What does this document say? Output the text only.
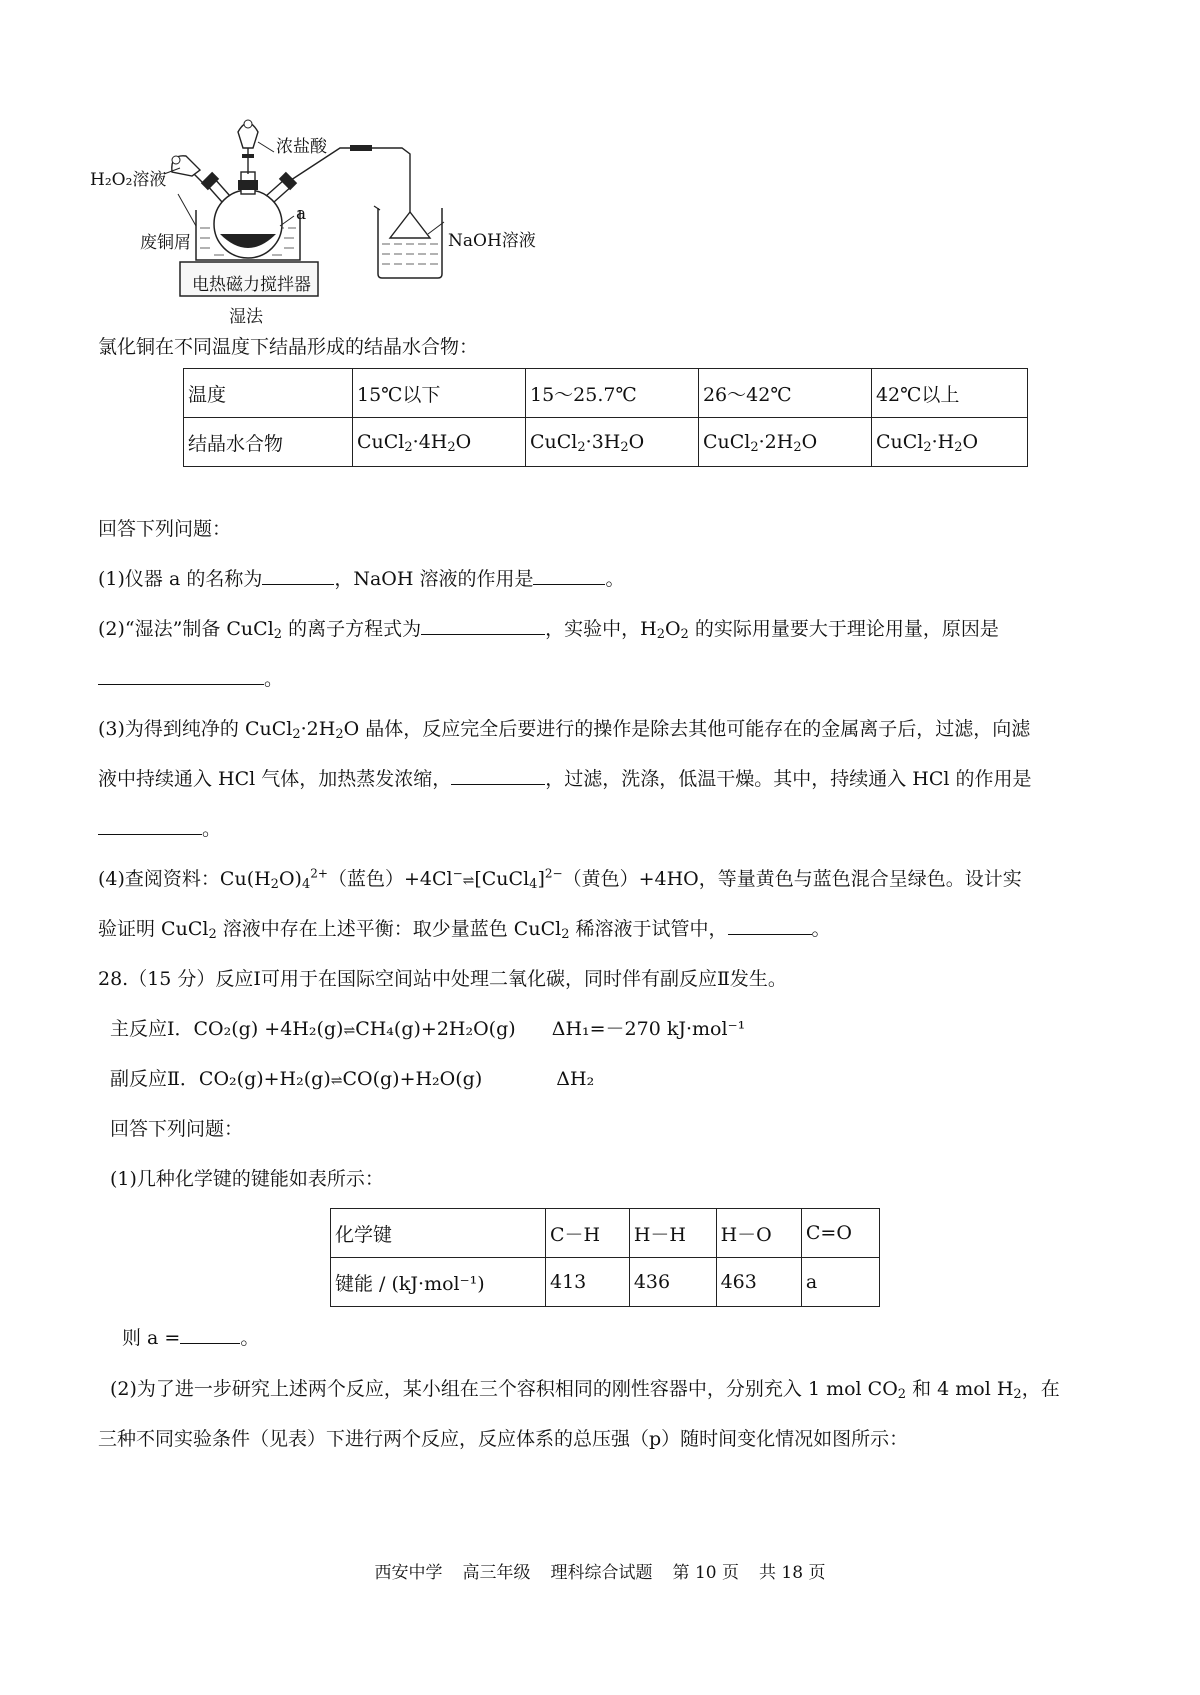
浓盐酸
H₂O₂溶液
a
废铜屑	NaOH溶液
电热磁力搅拌器
湿法
氯化铜在不同温度下结晶形成的结晶水合物：
温度	15℃以下	15～25.7℃	26～42℃	42℃以上
结晶水合物	$CuCl_2\cdot 4H_2O$	$CuCl_2\cdot 3H_2O$	$CuCl_2\cdot 2H_2O$	$CuCl_2\cdot H_2O$
回答下列问题：
(1)仪器 a 的名称为	，NaOH 溶液的作用是	。
(2)“湿法”制备 CuCl$_2$ 的离子方程式为	，实验中，$H_2O_2$ 的实际用量要大于理论用量，原因是
。
(3)为得到纯净的 $CuCl_2\cdot 2H_2O$ 晶体，反应完全后要进行的操作是除去其他可能存在的金属离子后，过滤，向滤
液中持续通入 HCl 气体，加热蒸发浓缩，	，过滤，洗涤，低温干燥。其中，持续通入 HCl 的作用是
。
(4)查阅资料：$Cu(H_2O)_4^{2+}$（蓝色）+4Cl−⇌[CuCl$_4$]$^{2-}$（黄色）+4HO，等量黄色与蓝色混合呈绿色。设计实
验证明 CuCl$_2$ 溶液中存在上述平衡：取少量蓝色 CuCl$_2$ 稀溶液于试管中，	。
28.（15 分）反应Ⅰ可用于在国际空间站中处理二氧化碳，同时伴有副反应Ⅱ发生。
主反应Ⅰ．CO₂(g) +4H₂(g)⇌CH₄(g)+2H₂O(g) ΔH₁=－270 kJ·mol⁻¹
副反应Ⅱ．CO₂(g)+H₂(g)⇌CO(g)+H₂O(g)	ΔH₂
回答下列问题：
(1)几种化学键的键能如表所示：
化学键	C－H	H－H	H－O	C=O
键能 / (kJ·mol⁻¹)	413	436	463	a
则 a =	。
(2)为了进一步研究上述两个反应，某小组在三个容积相同的刚性容器中，分别充入 1 mol $CO_2$ 和 4 mol $H_2$，在
三种不同实验条件（见表）下进行两个反应，反应体系的总压强（p）随时间变化情况如图所示：
西安中学 高三年级 理科综合试题 第 10 页 共 18 页
